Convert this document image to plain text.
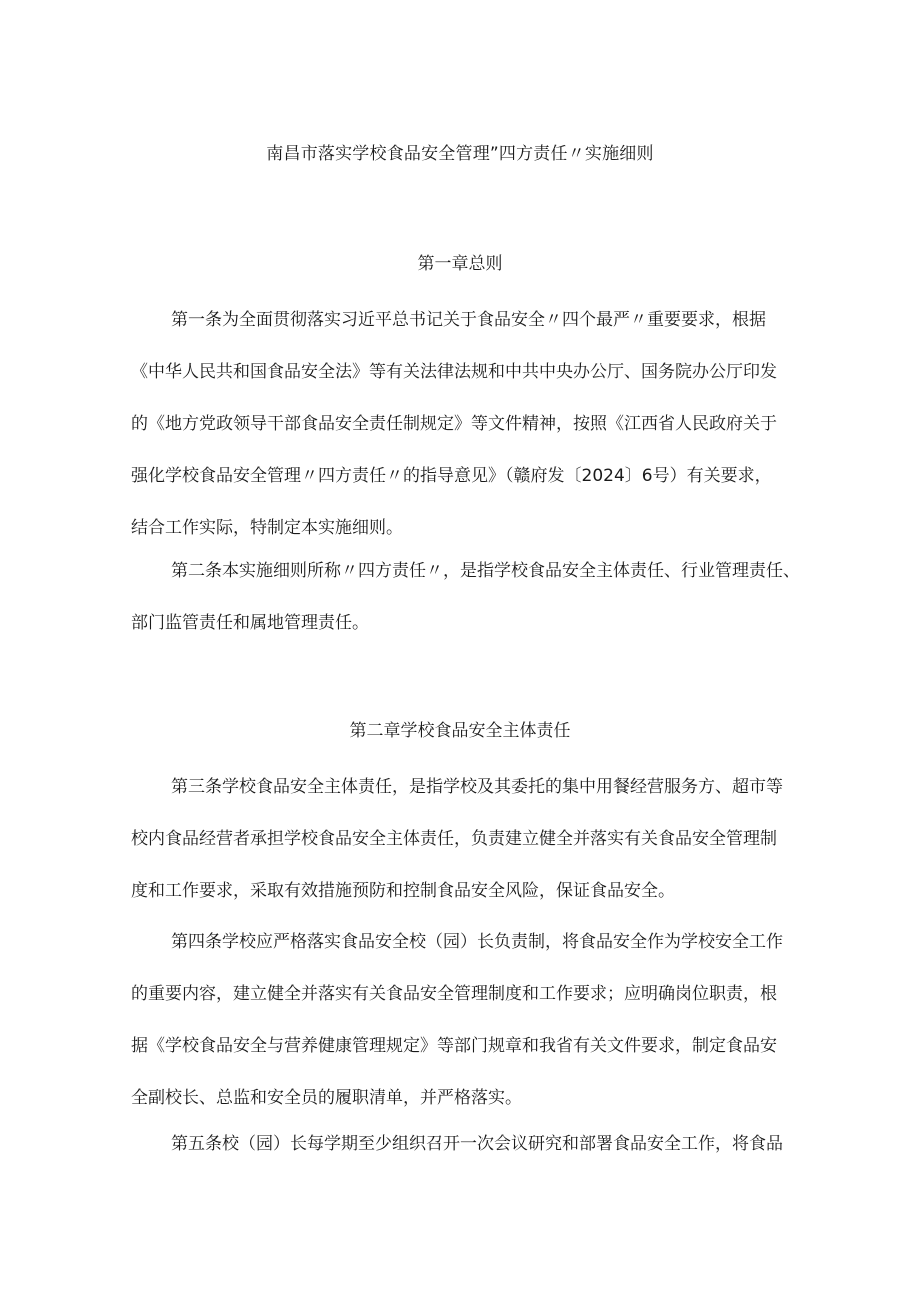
南昌市落实学校食品安全管理”四方责任〃实施细则
第一章总则
第一条为全面贯彻落实习近平总书记关于食品安全〃四个最严〃重要要求，根据
《中华人民共和国食品安全法》等有关法律法规和中共中央办公厅、国务院办公厅印发
的《地方党政领导干部食品安全责任制规定》等文件精神，按照《江西省人民政府关于
强化学校食品安全管理〃四方责任〃的指导意见》（赣府发〔2024〕6号）有关要求，
结合工作实际，特制定本实施细则。
第二条本实施细则所称〃四方责任〃，是指学校食品安全主体责任、行业管理责任、
部门监管责任和属地管理责任。
第二章学校食品安全主体责任
第三条学校食品安全主体责任，是指学校及其委托的集中用餐经营服务方、超市等
校内食品经营者承担学校食品安全主体责任，负责建立健全并落实有关食品安全管理制
度和工作要求，采取有效措施预防和控制食品安全风险，保证食品安全。
第四条学校应严格落实食品安全校（园）长负责制，将食品安全作为学校安全工作
的重要内容，建立健全并落实有关食品安全管理制度和工作要求；应明确岗位职责，根
据《学校食品安全与营养健康管理规定》等部门规章和我省有关文件要求，制定食品安
全副校长、总监和安全员的履职清单，并严格落实。
第五条校（园）长每学期至少组织召开一次会议研究和部署食品安全工作，将食品
